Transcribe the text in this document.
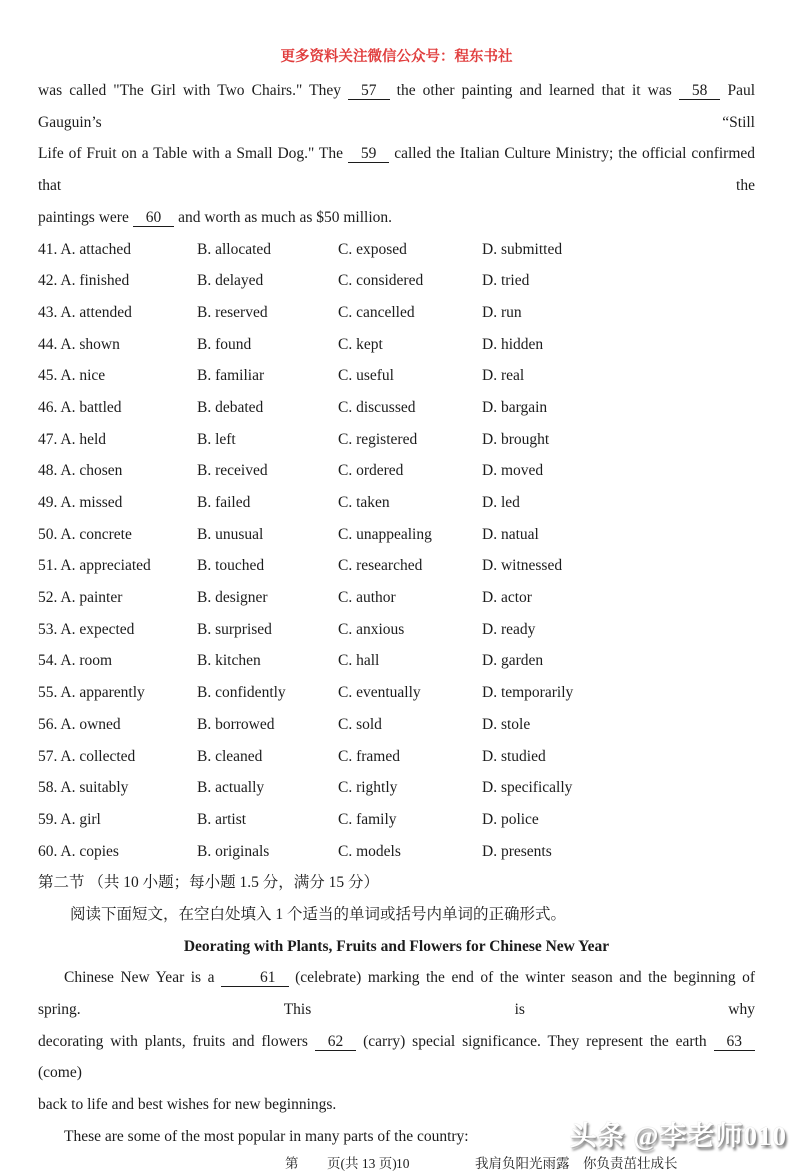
更多资料关注微信公众号：程东书社
was called "The Girl with Two Chairs." They 57 the other painting and learned that it was 58 Paul Gauguin’s “Still
Life of Fruit on a Table with a Small Dog." The 59 called the Italian Culture Ministry; the official confirmed that the
paintings were 60 and worth as much as $50 million.
41. A. attached	B. allocated	C. exposed	D. submitted
42. A. finished	B. delayed	C. considered	D. tried
43. A. attended	B. reserved	C. cancelled	D. run
44. A. shown	B. found	C. kept	D. hidden
45. A. nice	B. familiar	C. useful	D. real
46. A. battled	B. debated	C. discussed	D. bargain
47. A. held	B. left	C. registered	D. brought
48. A. chosen	B. received	C. ordered	D. moved
49. A. missed	B. failed	C. taken	D. led
50. A. concrete	B. unusual	C. unappealing	D. natual
51. A. appreciated	B. touched	C. researched	D. witnessed
52. A. painter	B. designer	C. author	D. actor
53. A. expected	B. surprised	C. anxious	D. ready
54. A. room	B. kitchen	C. hall	D. garden
55. A. apparently	B. confidently	C. eventually	D. temporarily
56. A. owned	B. borrowed	C. sold	D. stole
57. A. collected	B. cleaned	C. framed	D. studied
58. A. suitably	B. actually	C. rightly	D. specifically
59. A. girl	B. artist	C. family	D. police
60. A. copies	B. originals	C. models	D. presents
第二节 （共 10 小题；每小题 1.5 分，满分 15 分）
阅读下面短文，在空白处填入 1 个适当的单词或括号内单词的正确形式。
Deorating with Plants, Fruits and Flowers for Chinese New Year
Chinese New Year is a	61 (celebrate) marking the end of the winter season and the beginning of spring. This is why
decorating with plants, fruits and flowers 62 (carry) special significance. They represent the earth 63 (come)
back to life and best wishes for new beginnings.
These are some of the most popular in many parts of the country:
第 页(共 13 页) 10	我肩负阳光雨露　你负责茁壮成长
头条 @李老师010
